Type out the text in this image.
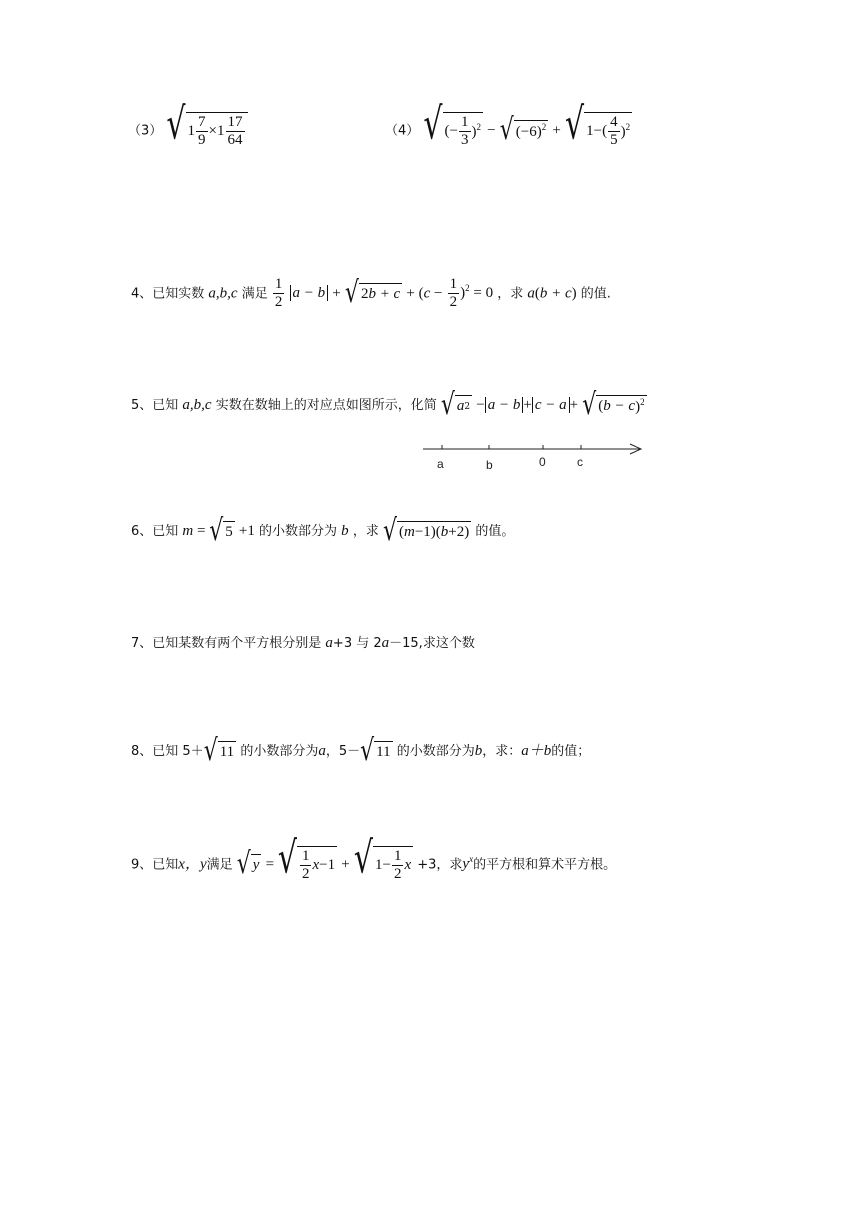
（3） √ $1 \frac{7}{9} \times 1 \frac{17}{64}$	（4） √ (− $\frac{1}{3} )^2$ − √ $(-6)^2$ + √ $1-( \frac{4}{5} )^2$
4、已知实数 a,b,c 满足 $\frac{1}{2}$ a − b + √ 2 $b + c + (c - \frac{1}{2} )^2 = 0$ ，求 a(b + c) 的值.
5、已知 a,b,c 实数在数轴上的对应点如图所示，化简 √ a 2 − a − b + c − a + √ ( b − c )$^2$
a	b	0	c
6、已知 m = √ 5 +1 的小数部分为 b ，求 √ ( m −1)( b +2) 的值。
7、已知某数有两个平方根分别是 a+3 与 2a－15,求这个数
8、已知 5＋ √ 11 的小数部分为a，5－ √ 11 的小数部分为b，求：a＋b的值；
9、已知x，y满足 √ y = √ $\frac{1}{2}$ x −1 + √ $1- \frac{1}{2}$ x +3，求$y^x$的平方根和算术平方根。
